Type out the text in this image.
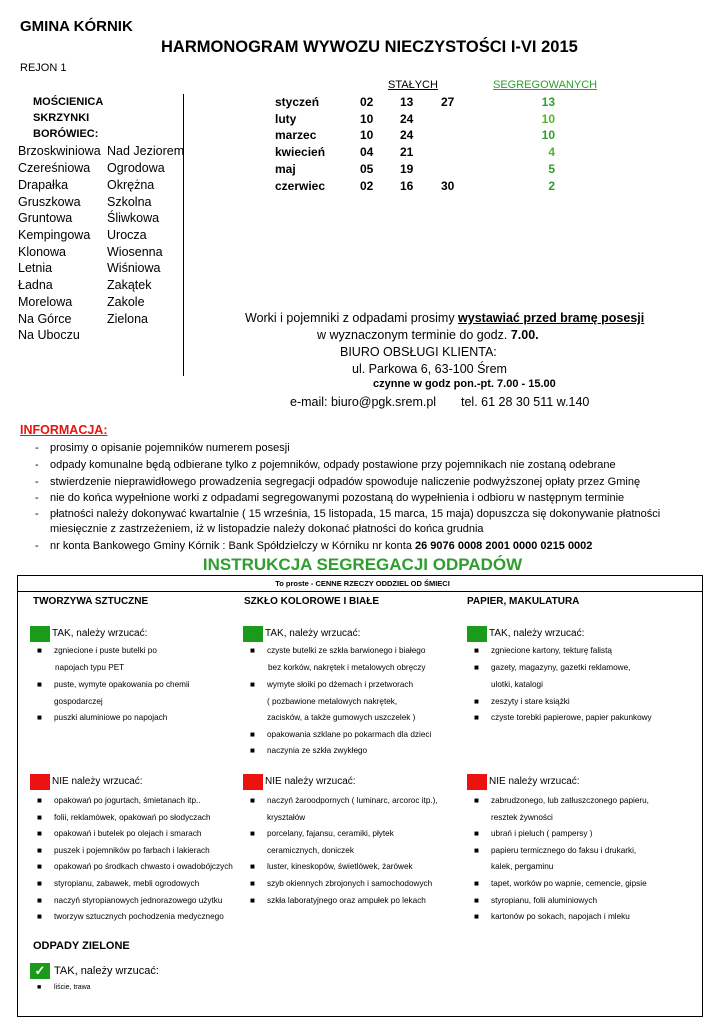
GMINA KÓRNIK
HARMONOGRAM WYWOZU NIECZYSTOŚCI I-VI 2015
REJON 1
STAŁYCH	SEGREGOWANYCH
MOŚCIENICA
SKRZYNKI
BORÓWIEC:
Brzoskwiniowa
Czereśniowa
Drapałka
Gruszkowa
Gruntowa
Kempingowa
Klonowa
Letnia
Ładna
Morelowa
Na Górce
Na Uboczu
Nad Jeziorem
Ogrodowa
Okrężna
Szkolna
Śliwkowa
Urocza
Wiosenna
Wiśniowa
Zakątek
Zakole
Zielona
styczeń	02 13 27	13
luty	10 24	10
marzec	10 24	10
kwiecień	04 21	4
maj	05 19	5
czerwiec	02 16 30	2
Worki i pojemniki z odpadami prosimy wystawiać przed bramę posesji
w wyznaczonym terminie do godz. 7.00.
BIURO OBSŁUGI KLIENTA:
ul. Parkowa 6, 63-100 Śrem
czynne w godz pon.-pt. 7.00 - 15.00
e-mail: biuro@pgk.srem.pl tel. 61 28 30 511 w.140
INFORMACJA:
- prosimy o opisanie pojemników numerem posesji
- odpady komunalne będą odbierane tylko z pojemników, odpady postawione przy pojemnikach nie zostaną odebrane
- stwierdzenie nieprawidłowego prowadzenia segregacji odpadów spowoduje naliczenie podwyższonej opłaty przez Gminę
- nie do końca wypełnione worki z odpadami segregowanymi pozostaną do wypełnienia i odbioru w następnym terminie
- płatności należy dokonywać kwartalnie ( 15 września, 15 listopada, 15 marca, 15 maja) dopuszcza się dokonywanie płatności
miesięcznie z zastrzeżeniem, iż w listopadzie należy dokonać płatności do końca grudnia
- nr konta Bankowego Gminy Kórnik : Bank Spółdzielczy w Kórniku nr konta 26 9076 0008 2001 0000 0215 0002
INSTRUKCJA SEGREGACJI ODPADÓW
To proste - CENNE RZECZY ODDZIEL OD ŚMIECI
TWORZYWA SZTUCZNE
TAK, należy wrzucać:
■ zgniecione i puste butelki po
napojach typu PET
■ puste, wymyte opakowania po chemii
gospodarczej
■ puszki aluminiowe po napojach
NIE należy wrzucać:
■ opakowań po jogurtach, śmietanach itp..
■ folii, reklamówek, opakowań po słodyczach
■ opakowań i butelek po olejach i smarach
■ puszek i pojemników po farbach i lakierach
■ opakowań po środkach chwasto i owadobójczych
■ styropianu, zabawek, mebli ogrodowych
■ naczyń styropianowych jednorazowego użytku
■ tworzyw sztucznych pochodzenia medycznego
SZKŁO KOLOROWE I BIAŁE
TAK, należy wrzucać:
■ czyste butelki ze szkła barwionego i białego
bez korków, nakrętek i metalowych obręczy
■ wymyte słoiki po dżemach i przetworach
( pozbawione metalowych nakrętek,
zacisków, a także gumowych uszczelek )
■ opakowania szklane po pokarmach dla dzieci
■ naczynia ze szkła zwykłego
NIE należy wrzucać:
■ naczyń żaroodpornych ( luminarc, arcoroc itp.),
kryształów
■ porcelany, fajansu, ceramiki, płytek
ceramicznych, doniczek
■ luster, kineskopów, świetlówek, żarówek
■ szyb okiennych zbrojonych i samochodowych
■ szkła laboratyjnego oraz ampułek po lekach
PAPIER, MAKULATURA
TAK, należy wrzucać:
■ zgniecione kartony, tekturę falistą
■ gazety, magazyny, gazetki reklamowe,
ulotki, katalogi
■ zeszyty i stare książki
■ czyste torebki papierowe, papier pakunkowy
NIE należy wrzucać:
■ zabrudzonego, lub zatłuszczonego papieru,
resztek żywności
■ ubrań i pieluch ( pampersy )
■ papieru termicznego do faksu i drukarki,
kalek, pergaminu
■ tapet, worków po wapnie, cemencie, gipsie
■ styropianu, folii aluminiowych
■ kartonów po sokach, napojach i mleku
ODPADY ZIELONE
✓ TAK, należy wrzucać:
■ liście, trawa
